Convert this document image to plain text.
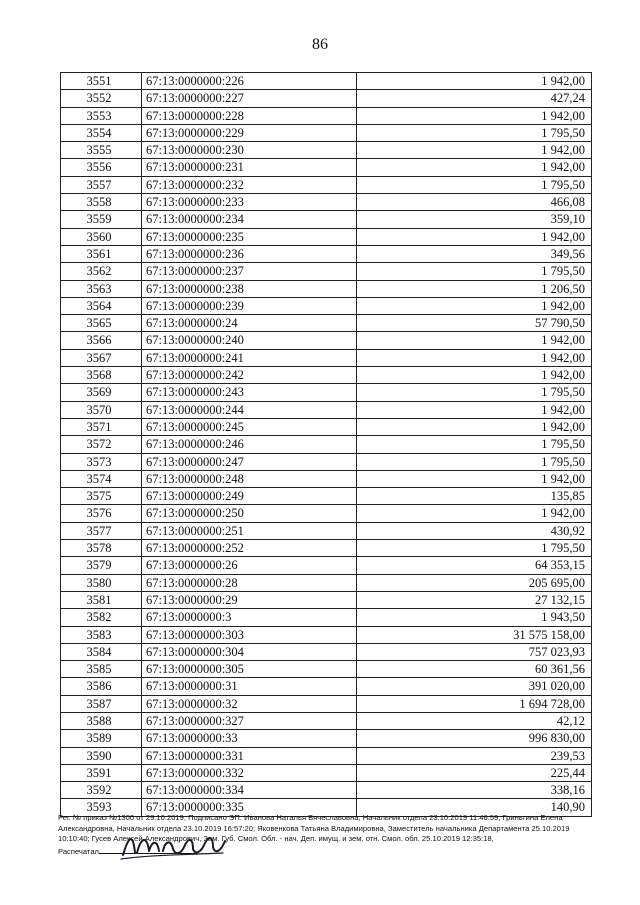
86
3551	67:13:0000000:226	1 942,00
3552	67:13:0000000:227	427,24
3553	67:13:0000000:228	1 942,00
3554	67:13:0000000:229	1 795,50
3555	67:13:0000000:230	1 942,00
3556	67:13:0000000:231	1 942,00
3557	67:13:0000000:232	1 795,50
3558	67:13:0000000:233	466,08
3559	67:13:0000000:234	359,10
3560	67:13:0000000:235	1 942,00
3561	67:13:0000000:236	349,56
3562	67:13:0000000:237	1 795,50
3563	67:13:0000000:238	1 206,50
3564	67:13:0000000:239	1 942,00
3565	67:13:0000000:24	57 790,50
3566	67:13:0000000:240	1 942,00
3567	67:13:0000000:241	1 942,00
3568	67:13:0000000:242	1 942,00
3569	67:13:0000000:243	1 795,50
3570	67:13:0000000:244	1 942,00
3571	67:13:0000000:245	1 942,00
3572	67:13:0000000:246	1 795,50
3573	67:13:0000000:247	1 795,50
3574	67:13:0000000:248	1 942,00
3575	67:13:0000000:249	135,85
3576	67:13:0000000:250	1 942,00
3577	67:13:0000000:251	430,92
3578	67:13:0000000:252	1 795,50
3579	67:13:0000000:26	64 353,15
3580	67:13:0000000:28	205 695,00
3581	67:13:0000000:29	27 132,15
3582	67:13:0000000:3	1 943,50
3583	67:13:0000000:303	31 575 158,00
3584	67:13:0000000:304	757 023,93
3585	67:13:0000000:305	60 361,56
3586	67:13:0000000:31	391 020,00
3587	67:13:0000000:32	1 694 728,00
3588	67:13:0000000:327	42,12
3589	67:13:0000000:33	996 830,00
3590	67:13:0000000:331	239,53
3591	67:13:0000000:332	225,44
3592	67:13:0000000:334	338,16
3593	67:13:0000000:335	140,90
Рег. № приказ №1300 от 29.10.2019, Подписано ЭП: Иванова Наталья Вячеславовна, Начальник отдела 23.10.2019 11:46:59; Гриньтина Елена
Александровна, Начальник отдела 23.10.2019 16:57:20; Яковенкова Татьяна Владимировна, Заместитель начальника Департамента 25.10.2019
10:10:40; Гусев Алексей Александрович, Зам. Губ. Смол. Обл. - нач. Деп. имущ. и зем. отн. Смол. обл. 25.10.2019 12:35:18,
Распечатал
